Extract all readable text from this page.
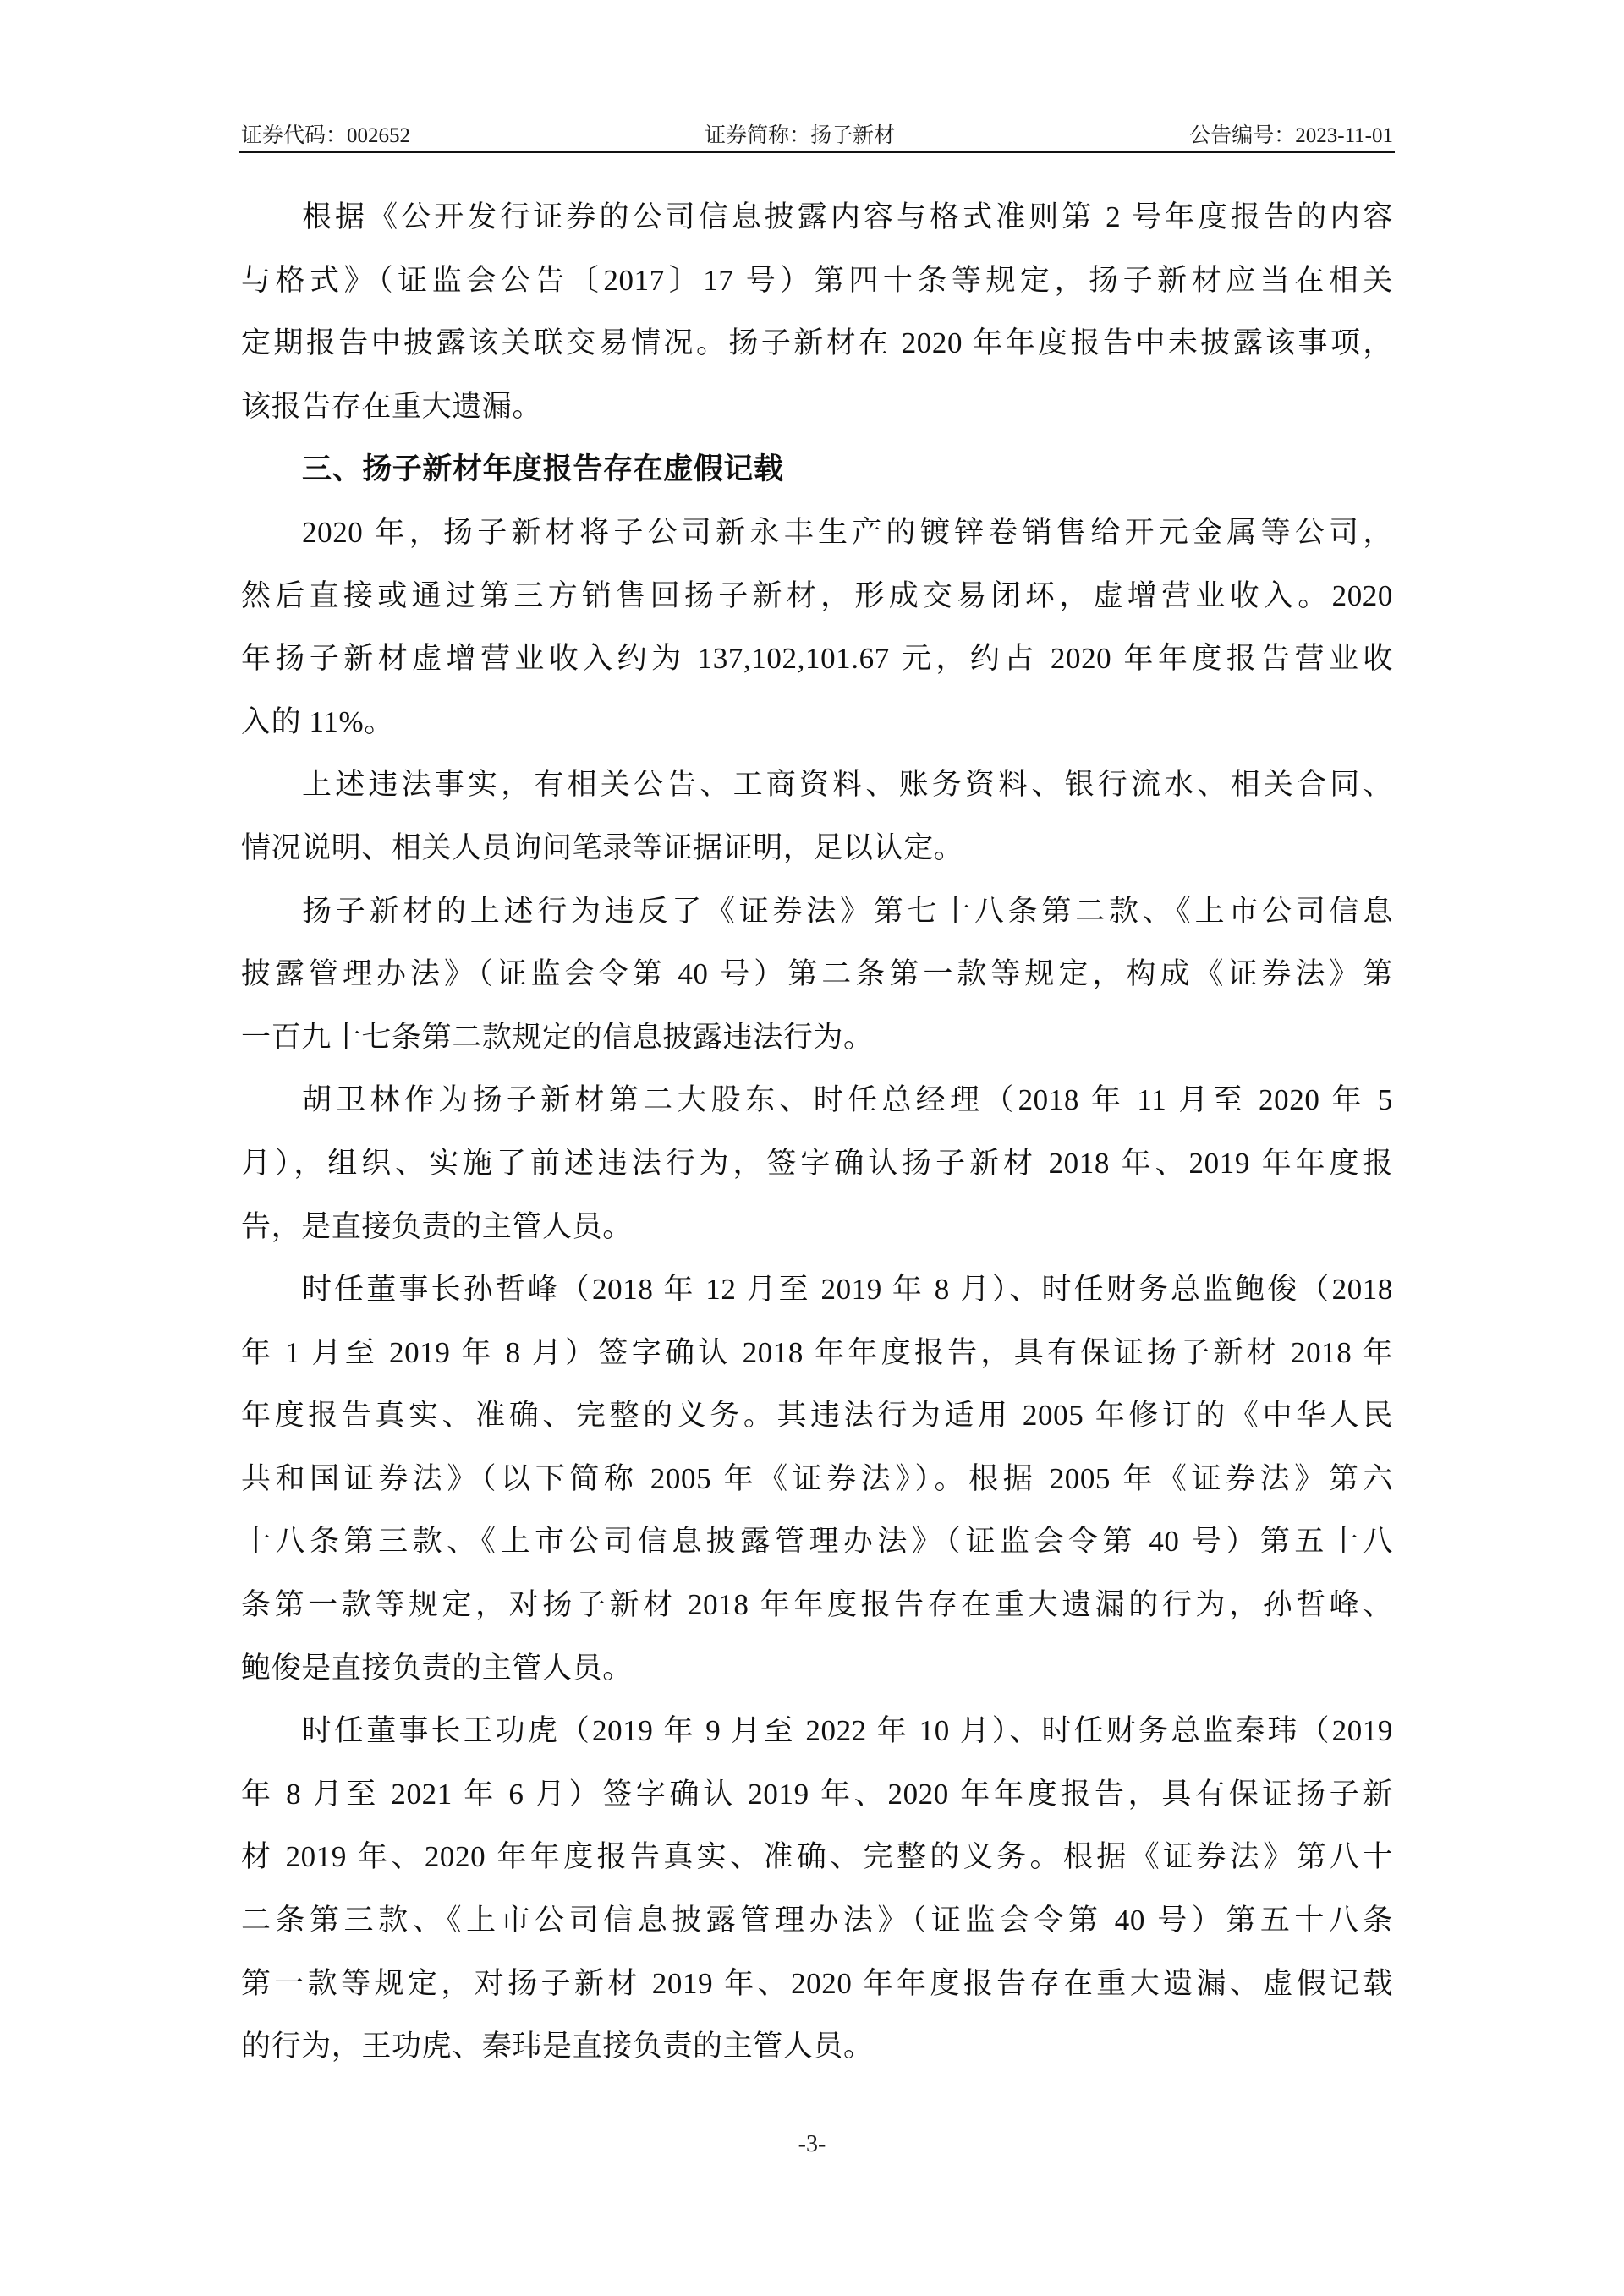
证券代码：002652	证券简称：扬子新材	公告编号：2023-11-01
根据《公开发行证券的公司信息披露内容与格式准则第 2 号年度报告的内容
与格式》（证监会公告〔2017〕17 号）第四十条等规定，扬子新材应当在相关
定期报告中披露该关联交易情况。扬子新材在 2020 年年度报告中未披露该事项，
该报告存在重大遗漏。
三、扬子新材年度报告存在虚假记载
2020 年，扬子新材将子公司新永丰生产的镀锌卷销售给开元金属等公司，
然后直接或通过第三方销售回扬子新材，形成交易闭环，虚增营业收入。2020
年扬子新材虚增营业收入约为 137,102,101.67 元，约占 2020 年年度报告营业收
入的 11%。
上述违法事实，有相关公告、工商资料、账务资料、银行流水、相关合同、
情况说明、相关人员询问笔录等证据证明，足以认定。
扬子新材的上述行为违反了《证券法》第七十八条第二款、《上市公司信息
披露管理办法》（证监会令第 40 号）第二条第一款等规定，构成《证券法》第
一百九十七条第二款规定的信息披露违法行为。
胡卫林作为扬子新材第二大股东、时任总经理（2018 年 11 月至 2020 年 5
月），组织、实施了前述违法行为，签字确认扬子新材 2018 年、2019 年年度报
告，是直接负责的主管人员。
时任董事长孙哲峰（2018 年 12 月至 2019 年 8 月）、时任财务总监鲍俊（2018
年 1 月至 2019 年 8 月）签字确认 2018 年年度报告，具有保证扬子新材 2018 年
年度报告真实、准确、完整的义务。其违法行为适用 2005 年修订的《中华人民
共和国证券法》（以下简称 2005 年《证券法》）。根据 2005 年《证券法》第六
十八条第三款、《上市公司信息披露管理办法》（证监会令第 40 号）第五十八
条第一款等规定，对扬子新材 2018 年年度报告存在重大遗漏的行为，孙哲峰、
鲍俊是直接负责的主管人员。
时任董事长王功虎（2019 年 9 月至 2022 年 10 月）、时任财务总监秦玮（2019
年 8 月至 2021 年 6 月）签字确认 2019 年、2020 年年度报告，具有保证扬子新
材 2019 年、2020 年年度报告真实、准确、完整的义务。根据《证券法》第八十
二条第三款、《上市公司信息披露管理办法》（证监会令第 40 号）第五十八条
第一款等规定，对扬子新材 2019 年、2020 年年度报告存在重大遗漏、虚假记载
的行为，王功虎、秦玮是直接负责的主管人员。
-3-
